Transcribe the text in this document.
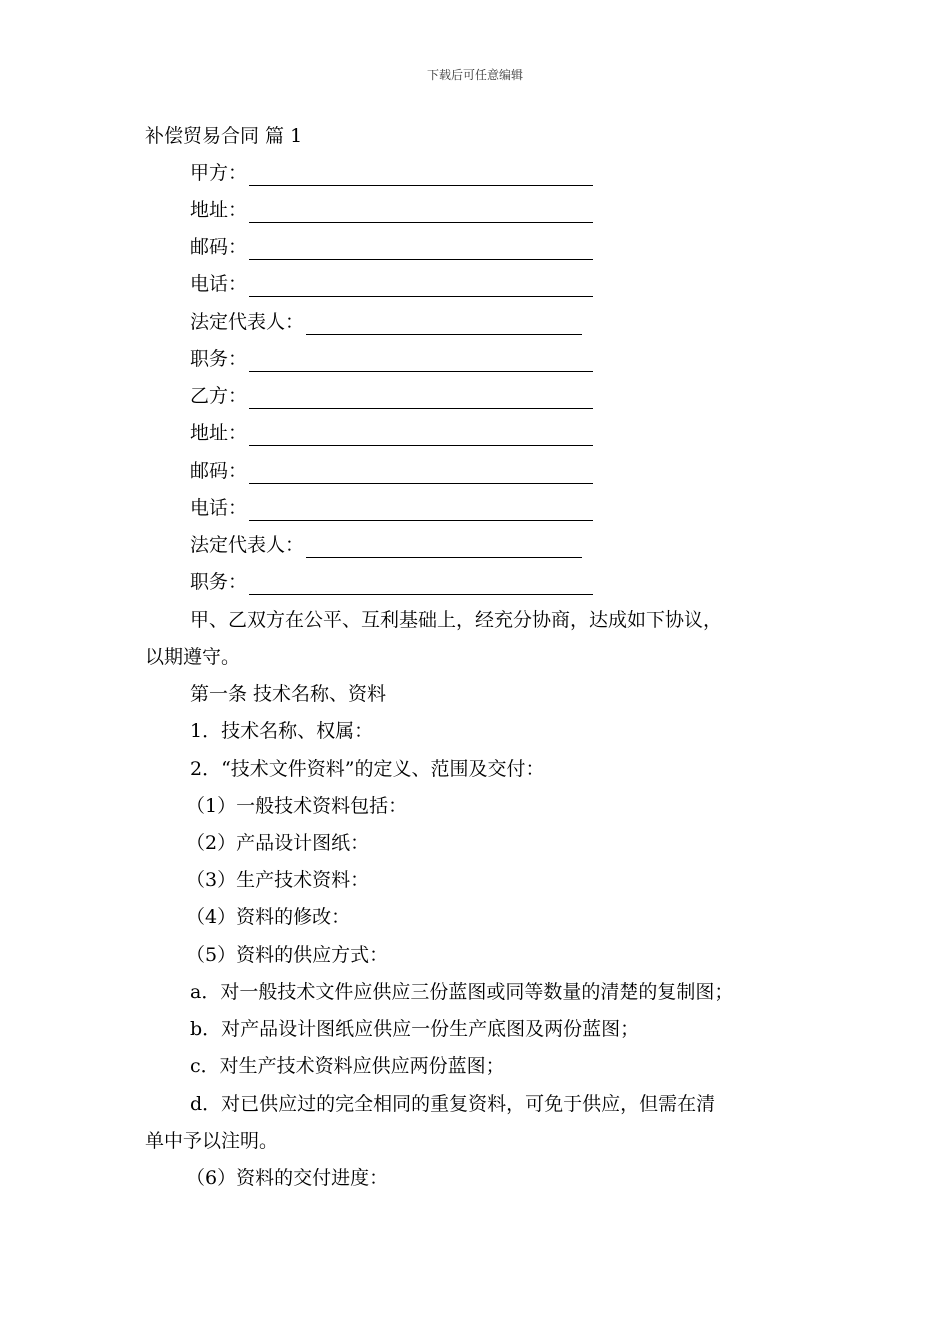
下载后可任意编辑
补偿贸易合同 篇 1
甲方：
地址：
邮码：
电话：
法定代表人：
职务：
乙方：
地址：
邮码：
电话：
法定代表人：
职务：
甲、乙双方在公平、互利基础上，经充分协商，达成如下协议，
以期遵守。
第一条 技术名称、资料
1．技术名称、权属：
2．“技术文件资料”的定义、范围及交付：
（1）一般技术资料包括：
（2）产品设计图纸：
（3）生产技术资料：
（4）资料的修改：
（5）资料的供应方式：
a．对一般技术文件应供应三份蓝图或同等数量的清楚的复制图；
b．对产品设计图纸应供应一份生产底图及两份蓝图；
c．对生产技术资料应供应两份蓝图；
d．对已供应过的完全相同的重复资料，可免于供应，但需在清
单中予以注明。
（6）资料的交付进度：
